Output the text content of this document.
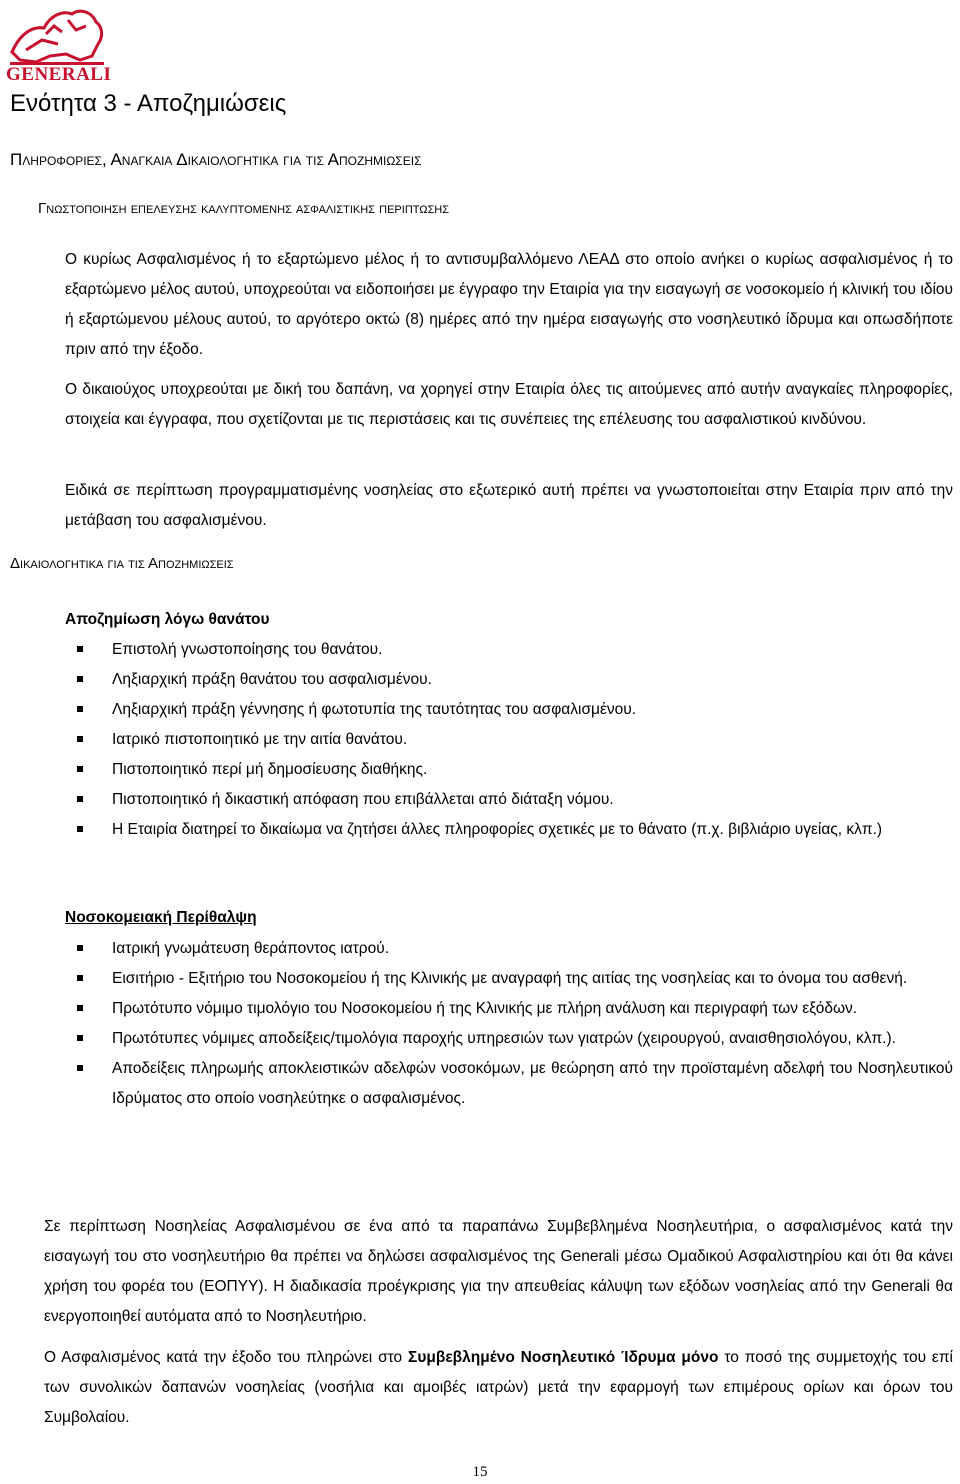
GENERALI
Ενότητα 3 - Αποζημιώσεις
Πληροφοριες, Αναγκαια Δικαιολογητικα για τις Αποζημιωσεις
Γνωστοποιηση επελευσης καλυπτομενης ασφαλιστικης περιπτωσης

Ο κυρίως Ασφαλισμένος ή το εξαρτώμενο μέλος ή το αντισυμβαλλόμενο ΛΕΑΔ στο οποίο ανήκει ο κυρίως ασφαλισμένος ή το εξαρτώμενο μέλος αυτού, υποχρεούται να ειδοποιήσει με έγγραφο την Εταιρία για την εισαγωγή σε νοσοκομείο ή κλινική του ιδίου ή εξαρτώμενου μέλους αυτού, το αργότερο οκτώ (8) ημέρες από την ημέρα εισαγωγής στο νοσηλευτικό ίδρυμα και οπωσδήποτε πριν από την έξοδο.

Ο δικαιούχος υποχρεούται με δική του δαπάνη, να χορηγεί στην Εταιρία όλες τις αιτούμενες από αυτήν αναγκαίες πληροφορίες, στοιχεία και έγγραφα, που σχετίζονται με τις περιστάσεις και τις συνέπειες της επέλευσης του ασφαλιστικού κινδύνου.

Ειδικά σε περίπτωση προγραμματισμένης νοσηλείας στο εξωτερικό αυτή πρέπει να γνωστοποιείται στην Εταιρία πριν από την μετάβαση του ασφαλισμένου.

Δικαιολογητικα για τις Αποζημιωσεις
Αποζημίωση λόγω θανάτου
Επιστολή γνωστοποίησης του θανάτου.
Ληξιαρχική πράξη θανάτου του ασφαλισμένου.
Ληξιαρχική πράξη γέννησης ή φωτοτυπία της ταυτότητας του ασφαλισμένου.
Ιατρικό πιστοποιητικό με την αιτία θανάτου.
Πιστοποιητικό περί μή δημοσίευσης διαθήκης.
Πιστοποιητικό ή δικαστική απόφαση που επιβάλλεται από διάταξη νόμου.
Η Εταιρία διατηρεί το δικαίωμα να ζητήσει άλλες πληροφορίες σχετικές με το θάνατο (π.χ. βιβλιάριο υγείας, κλπ.)
Νοσοκομειακή Περίθαλψη
Ιατρική γνωμάτευση θεράποντος ιατρού.
Εισιτήριο - Εξιτήριο του Νοσοκομείου ή της Κλινικής με αναγραφή της αιτίας της νοσηλείας και το όνομα του ασθενή.
Πρωτότυπο νόμιμο τιμολόγιο του Νοσοκομείου ή της Κλινικής με πλήρη ανάλυση και περιγραφή των εξόδων.
Πρωτότυπες νόμιμες αποδείξεις/τιμολόγια παροχής υπηρεσιών των γιατρών (χειρουργού, αναισθησιολόγου, κλπ.).
Αποδείξεις πληρωμής αποκλειστικών αδελφών νοσοκόμων, με θεώρηση από την προϊσταμένη αδελφή του Νοσηλευτικού Ιδρύματος στο οποίο νοσηλεύτηκε ο ασφαλισμένος.

Σε περίπτωση Νοσηλείας Ασφαλισμένου σε ένα από τα παραπάνω Συμβεβλημένα Νοσηλευτήρια, ο ασφαλισμένος κατά την εισαγωγή του στο νοσηλευτήριο θα πρέπει να δηλώσει ασφαλισμένος της Generali μέσω Ομαδικού Ασφαλιστηρίου και ότι θα κάνει χρήση του φορέα του (ΕΟΠΥΥ). Η διαδικασία προέγκρισης για την απευθείας κάλυψη των εξόδων νοσηλείας από την Generali θα ενεργοποιηθεί αυτόματα από το Νοσηλευτήριο.

Ο Ασφαλισμένος κατά την έξοδο του πληρώνει στο Συμβεβλημένο Νοσηλευτικό Ίδρυμα μόνο το ποσό της συμμετοχής του επί των συνολικών δαπανών νοσηλείας (νοσήλια και αμοιβές ιατρών) μετά την εφαρμογή των επιμέρους ορίων και όρων του Συμβολαίου.

15
